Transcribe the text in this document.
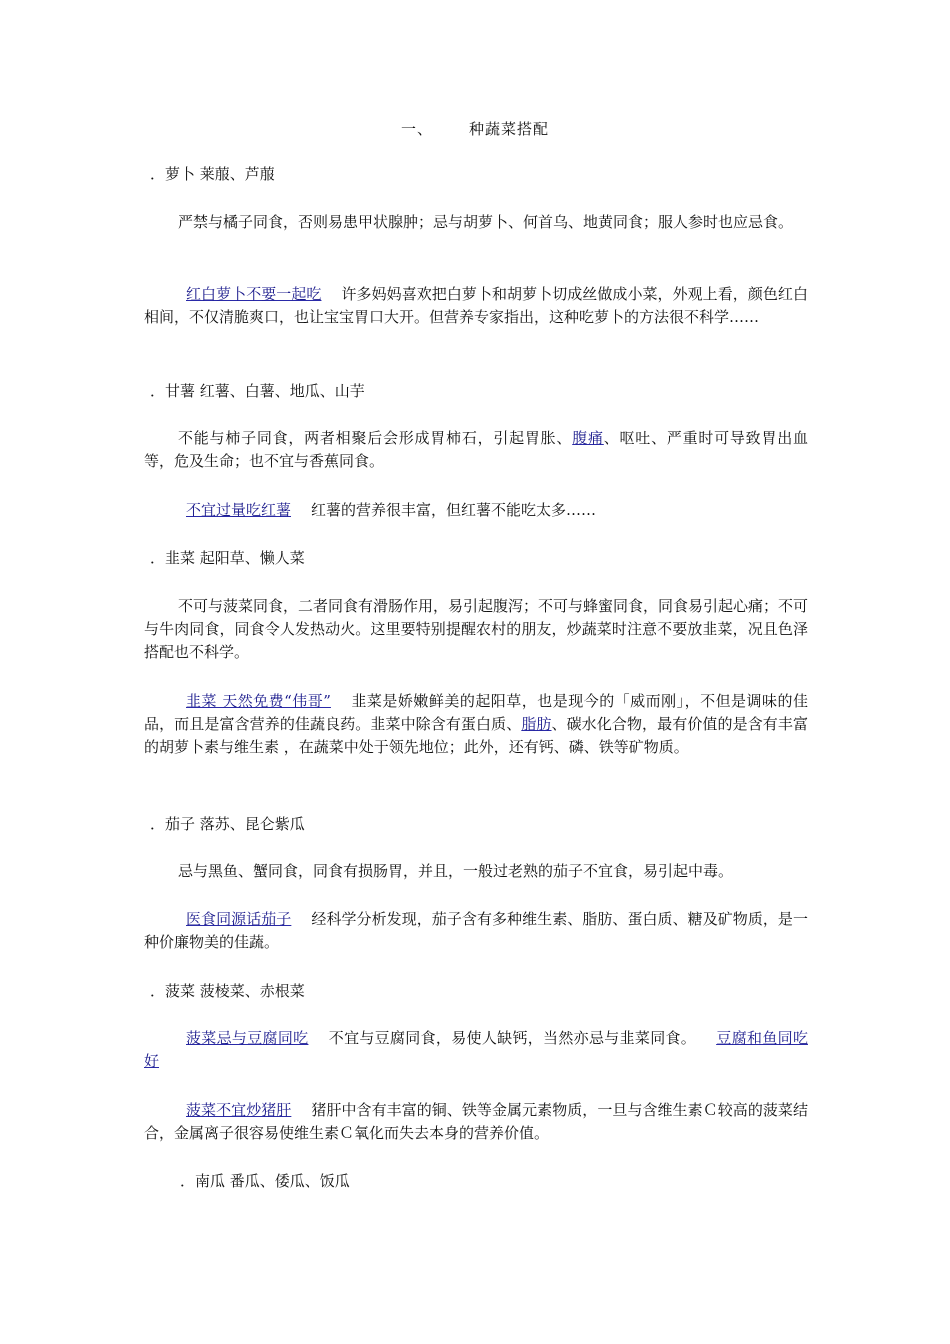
一、 种蔬菜搭配
．萝卜 莱菔、芦菔
严禁与橘子同食，否则易患甲状腺肿；忌与胡萝卜、何首乌、地黄同食；服人参时也应忌食。
红白萝卜不要一起吃 许多妈妈喜欢把白萝卜和胡萝卜切成丝做成小菜，外观上看，颜色红白相间，不仅清脆爽口，也让宝宝胃口大开。但营养专家指出，这种吃萝卜的方法很不科学……
．甘薯 红薯、白薯、地瓜、山芋
不能与柿子同食，两者相聚后会形成胃柿石，引起胃胀、腹痛、呕吐、严重时可导致胃出血等，危及生命；也不宜与香蕉同食。
不宜过量吃红薯 红薯的营养很丰富，但红薯不能吃太多……
．韭菜 起阳草、懒人菜
不可与菠菜同食，二者同食有滑肠作用，易引起腹泻；不可与蜂蜜同食，同食易引起心痛；不可与牛肉同食，同食令人发热动火。这里要特别提醒农村的朋友，炒蔬菜时注意不要放韭菜，况且色泽搭配也不科学。
韭菜 天然免费“伟哥” 韭菜是娇嫩鲜美的起阳草，也是现今的「威而刚」，不但是调味的佳品，而且是富含营养的佳蔬良药。韭菜中除含有蛋白质、脂肪、碳水化合物，最有价值的是含有丰富的胡萝卜素与维生素 ，在蔬菜中处于领先地位；此外，还有钙、磷、铁等矿物质。
．茄子 落苏、昆仑紫瓜
忌与黑鱼、蟹同食，同食有损肠胃，并且，一般过老熟的茄子不宜食，易引起中毒。
医食同源话茄子 经科学分析发现，茄子含有多种维生素、脂肪、蛋白质、糖及矿物质，是一种价廉物美的佳蔬。
．菠菜 菠棱菜、赤根菜
菠菜忌与豆腐同吃 不宜与豆腐同食，易使人缺钙，当然亦忌与韭菜同食。 豆腐和鱼同吃好
菠菜不宜炒猪肝 猪肝中含有丰富的铜、铁等金属元素物质，一旦与含维生素Ｃ较高的菠菜结合，金属离子很容易使维生素Ｃ氧化而失去本身的营养价值。
．南瓜 番瓜、倭瓜、饭瓜
